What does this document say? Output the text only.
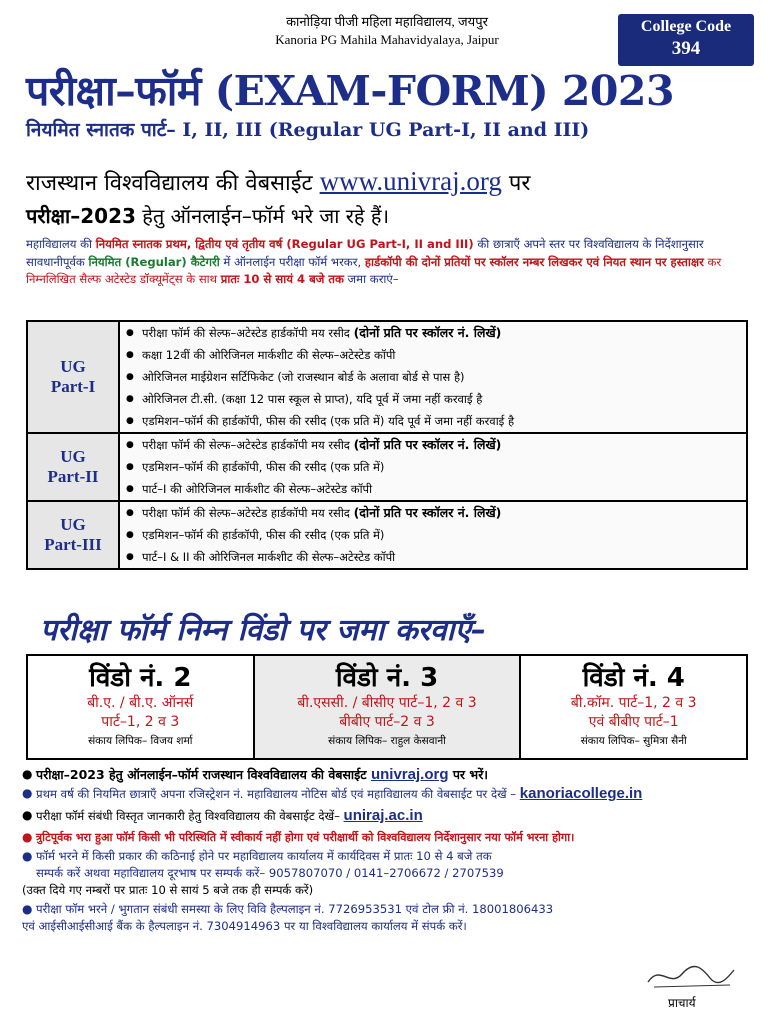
कानोड़िया पीजी महिला महाविद्यालय, जयपुर
Kanoria PG Mahila Mahavidyalaya, Jaipur
College Code
394
परीक्षा–फॉर्म (EXAM-FORM) 2023
नियमित स्नातक पार्ट– I, II, III (Regular UG Part-I, II and III)
राजस्थान विश्वविद्यालय की वेबसाईट www.univraj.org पर
परीक्षा–2023 हेतु ऑनलाईन–फॉर्म भरे जा रहे हैं।
महाविद्यालय की नियमित स्नातक प्रथम, द्वितीय एवं तृतीय वर्ष (Regular UG Part-I, II and III) की छात्राएँ अपने स्तर पर विश्वविद्यालय के निर्देशानुसार सावधानीपूर्वक नियमित (Regular) कैटेगरी में ऑनलाईन परीक्षा फॉर्म भरकर, हार्डकॉपी की दोनों प्रतियों पर स्कॉलर नम्बर लिखकर एवं नियत स्थान पर हस्ताक्षर कर निम्नलिखित सैल्फ अटेस्टेड डॉक्यूमेंट्स के साथ प्रातः 10 से सायं 4 बजे तक जमा कराएं–
UG
Part-I
● परीक्षा फॉर्म की सेल्फ–अटेस्टेड हार्डकॉपी मय रसीद (दोनों प्रति पर स्कॉलर नं. लिखें)
● कक्षा 12वीं की ओरिजिनल मार्कशीट की सेल्फ–अटेस्टेड कॉपी
● ओरिजिनल माईग्रेशन सर्टिफिकेट (जो राजस्थान बोर्ड के अलावा बोर्ड से पास है)
● ओरिजिनल टी.सी. (कक्षा 12 पास स्कूल से प्राप्त), यदि पूर्व में जमा नहीं करवाई है
● एडमिशन–फॉर्म की हार्डकॉपी, फीस की रसीद (एक प्रति में) यदि पूर्व में जमा नहीं करवाई है
UG
Part-II
● परीक्षा फॉर्म की सेल्फ–अटेस्टेड हार्डकॉपी मय रसीद (दोनों प्रति पर स्कॉलर नं. लिखें)
● एडमिशन–फॉर्म की हार्डकॉपी, फीस की रसीद (एक प्रति में)
● पार्ट–I की ओरिजिनल मार्कशीट की सेल्फ–अटेस्टेड कॉपी
UG
Part-III
● परीक्षा फॉर्म की सेल्फ–अटेस्टेड हार्डकॉपी मय रसीद (दोनों प्रति पर स्कॉलर नं. लिखें)
● एडमिशन–फॉर्म की हार्डकॉपी, फीस की रसीद (एक प्रति में)
● पार्ट–I & II की ओरिजिनल मार्कशीट की सेल्फ–अटेस्टेड कॉपी
परीक्षा फॉर्म निम्न विंडो पर जमा करवाएँ–
विंडो नं. 2
बी.ए. / बी.ए. ऑनर्स
पार्ट–1, 2 व 3
संकाय लिपिक– विजय शर्मा
विंडो नं. 3
बी.एससी. / बीसीए पार्ट–1, 2 व 3
बीबीए पार्ट–2 व 3
संकाय लिपिक– राहुल केसवानी
विंडो नं. 4
बी.कॉम. पार्ट–1, 2 व 3
एवं बीबीए पार्ट–1
संकाय लिपिक– सुमित्रा सैनी
● परीक्षा–2023 हेतु ऑनलाईन–फॉर्म राजस्थान विश्वविद्यालय की वेबसाईट univraj.org पर भरें।
● प्रथम वर्ष की नियमित छात्राएँ अपना रजिस्ट्रेशन नं. महाविद्यालय नोटिस बोर्ड एवं महाविद्यालय की वेबसाईट पर देखें – kanoriacollege.in
● परीक्षा फॉर्म संबंधी विस्तृत जानकारी हेतु विश्वविद्यालय की वेबसाईट देखें– uniraj.ac.in
● त्रुटिपूर्वक भरा हुआ फॉर्म किसी भी परिस्थिति में स्वीकार्य नहीं होगा एवं परीक्षार्थी को विश्वविद्यालय निर्देशानुसार नया फॉर्म भरना होगा।
● फॉर्म भरने में किसी प्रकार की कठिनाई होने पर महाविद्यालय कार्यालय में कार्यदिवस में प्रातः 10 से 4 बजे तक
सम्पर्क करें अथवा महाविद्यालय दूरभाष पर सम्पर्क करें– 9057807070 / 0141–2706672 / 2707539
(उक्त दिये गए नम्बरों पर प्रातः 10 से सायं 5 बजे तक ही सम्पर्क करें)
● परीक्षा फॉम भरने / भुगतान संबंधी समस्या के लिए विवि हैल्पलाइन नं. 7726953531 एवं टोल फ्री नं. 18001806433
एवं आईसीआईसीआई बैंक के हैल्पलाइन नं. 7304914963 पर या विश्वविद्यालय कार्यालय में संपर्क करें।
प्राचार्य
